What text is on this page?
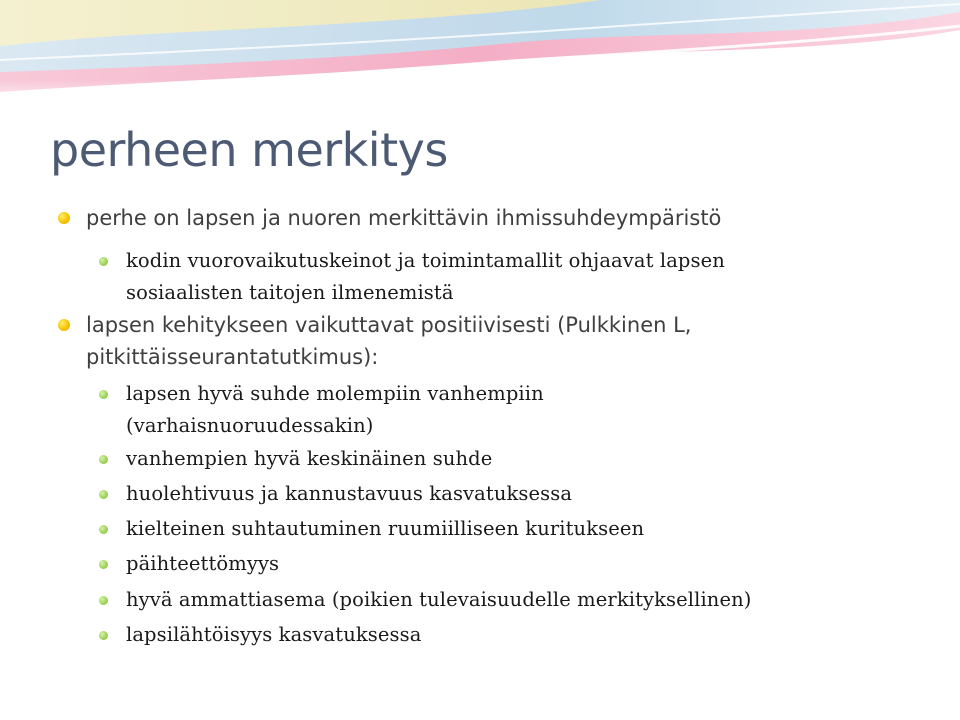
perheen merkitys
perhe on lapsen ja nuoren merkittävin ihmissuhdeympäristö
kodin vuorovaikutuskeinot ja toimintamallit ohjaavat lapsen
sosiaalisten taitojen ilmenemistä
lapsen kehitykseen vaikuttavat positiivisesti (Pulkkinen L,
pitkittäisseurantatutkimus):
lapsen hyvä suhde molempiin vanhempiin
(varhaisnuoruudessakin)
vanhempien hyvä keskinäinen suhde
huolehtivuus ja kannustavuus kasvatuksessa
kielteinen suhtautuminen ruumiilliseen kuritukseen
päihteettömyys
hyvä ammattiasema (poikien tulevaisuudelle merkityksellinen)
lapsilähtöisyys kasvatuksessa
